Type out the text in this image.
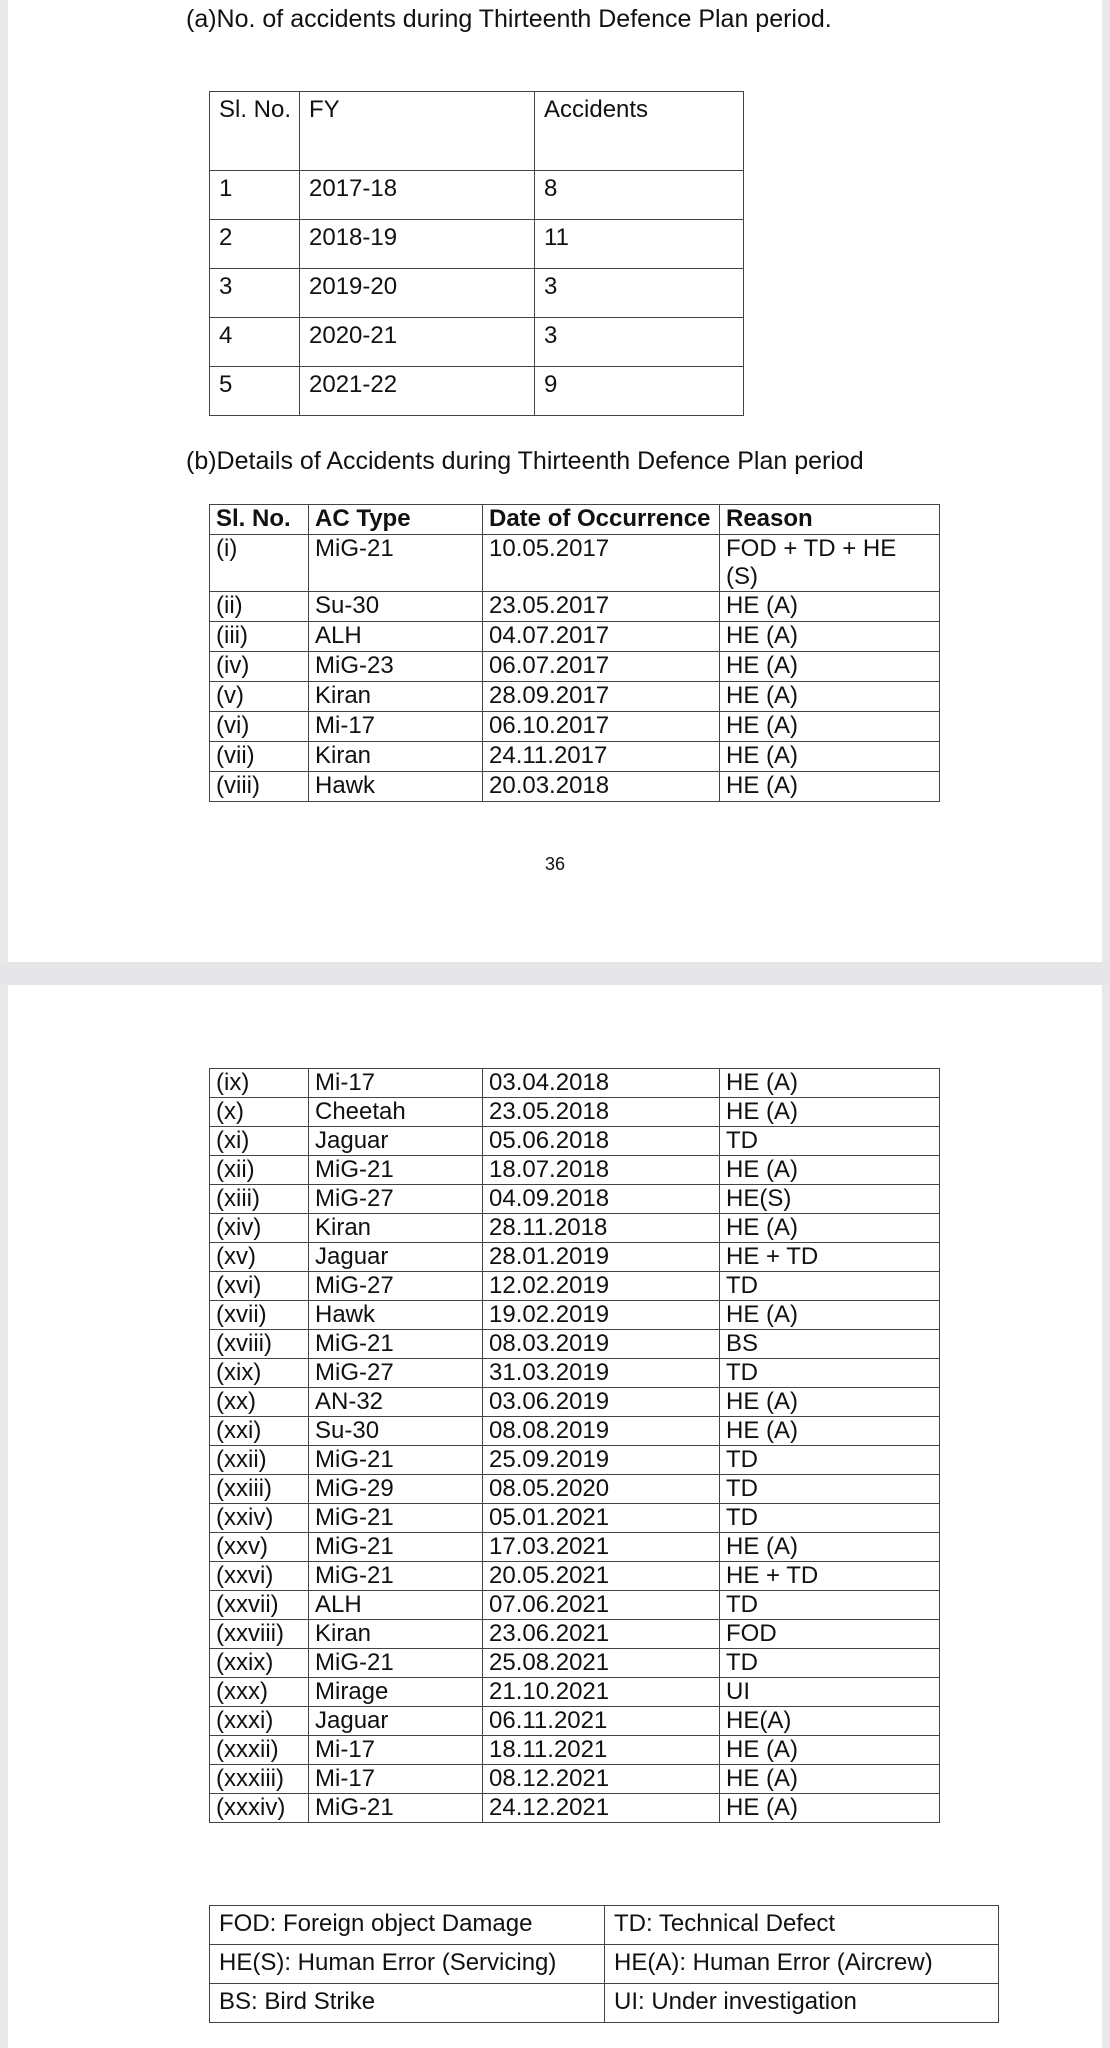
(a)No. of accidents during Thirteenth Defence Plan period.
Sl. No.	FY	Accidents
1	2017-18	8
2	2018-19	11
3	2019-20	3
4	2020-21	3
5	2021-22	9
(b)Details of Accidents during Thirteenth Defence Plan period
Sl. No.	AC Type	Date of Occurrence	Reason
(i)	MiG-21	10.05.2017	FOD + TD + HE (S)
(ii)	Su-30	23.05.2017	HE (A)
(iii)	ALH	04.07.2017	HE (A)
(iv)	MiG-23	06.07.2017	HE (A)
(v)	Kiran	28.09.2017	HE (A)
(vi)	Mi-17	06.10.2017	HE (A)
(vii)	Kiran	24.11.2017	HE (A)
(viii)	Hawk	20.03.2018	HE (A)
36
(ix)	Mi-17	03.04.2018	HE (A)
(x)	Cheetah	23.05.2018	HE (A)
(xi)	Jaguar	05.06.2018	TD
(xii)	MiG-21	18.07.2018	HE (A)
(xiii)	MiG-27	04.09.2018	HE(S)
(xiv)	Kiran	28.11.2018	HE (A)
(xv)	Jaguar	28.01.2019	HE + TD
(xvi)	MiG-27	12.02.2019	TD
(xvii)	Hawk	19.02.2019	HE (A)
(xviii)	MiG-21	08.03.2019	BS
(xix)	MiG-27	31.03.2019	TD
(xx)	AN-32	03.06.2019	HE (A)
(xxi)	Su-30	08.08.2019	HE (A)
(xxii)	MiG-21	25.09.2019	TD
(xxiii)	MiG-29	08.05.2020	TD
(xxiv)	MiG-21	05.01.2021	TD
(xxv)	MiG-21	17.03.2021	HE (A)
(xxvi)	MiG-21	20.05.2021	HE + TD
(xxvii)	ALH	07.06.2021	TD
(xxviii)	Kiran	23.06.2021	FOD
(xxix)	MiG-21	25.08.2021	TD
(xxx)	Mirage	21.10.2021	UI
(xxxi)	Jaguar	06.11.2021	HE(A)
(xxxii)	Mi-17	18.11.2021	HE (A)
(xxxiii)	Mi-17	08.12.2021	HE (A)
(xxxiv)	MiG-21	24.12.2021	HE (A)
FOD: Foreign object Damage	TD: Technical Defect
HE(S): Human Error (Servicing)	HE(A): Human Error (Aircrew)
BS: Bird Strike	UI: Under investigation
